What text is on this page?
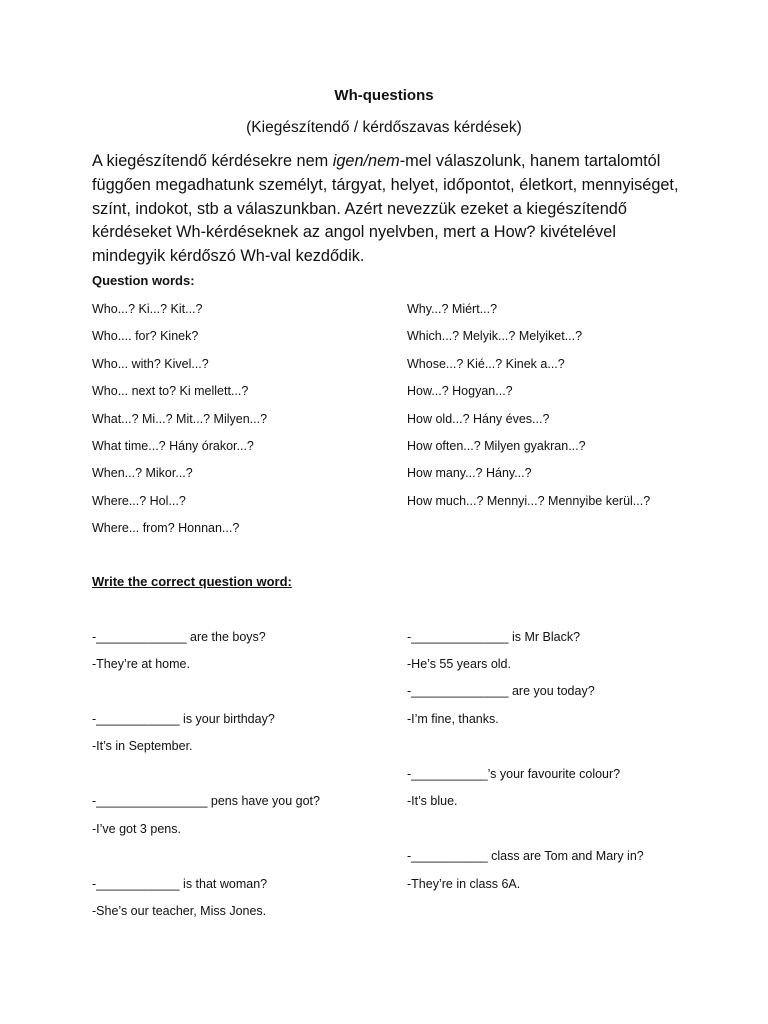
Wh-questions
(Kiegészítendő / kérdőszavas kérdések)
A kiegészítendő kérdésekre nem igen/nem-mel válaszolunk, hanem tartalomtól függően megadhatunk személyt, tárgyat, helyet, időpontot, életkort, mennyiséget, színt, indokot, stb a válaszunkban. Azért nevezzük ezeket a kiegészítendő kérdéseket Wh-kérdéseknek az angol nyelvben, mert a How? kivételével mindegyik kérdőszó Wh-val kezdődik.
Question words:
Who...? Ki...? Kit...?
Who.... for? Kinek?
Who... with? Kivel...?
Who... next to? Ki mellett...?
What...? Mi...? Mit...? Milyen...?
What time...? Hány órakor...?
When...? Mikor...?
Where...? Hol...?
Where... from? Honnan...?
Why...? Miért...?
Which...? Melyik...? Melyiket...?
Whose...? Kié...? Kinek a...?
How...? Hogyan...?
How old...? Hány éves...?
How often...? Milyen gyakran...?
How many...? Hány...?
How much...? Mennyi...? Mennyibe kerül...?
Write the correct question word:
-_____________ are the boys?
-They’re at home.
-____________ is your birthday?
-It’s in September.
-________________ pens have you got?
-I’ve got 3 pens.
-____________ is that woman?
-She’s our teacher, Miss Jones.
-______________ is Mr Black?
-He’s 55 years old.
-______________ are you today?
-I’m fine, thanks.
-___________’s your favourite colour?
-It’s blue.
-___________ class are Tom and Mary in?
-They’re in class 6A.
